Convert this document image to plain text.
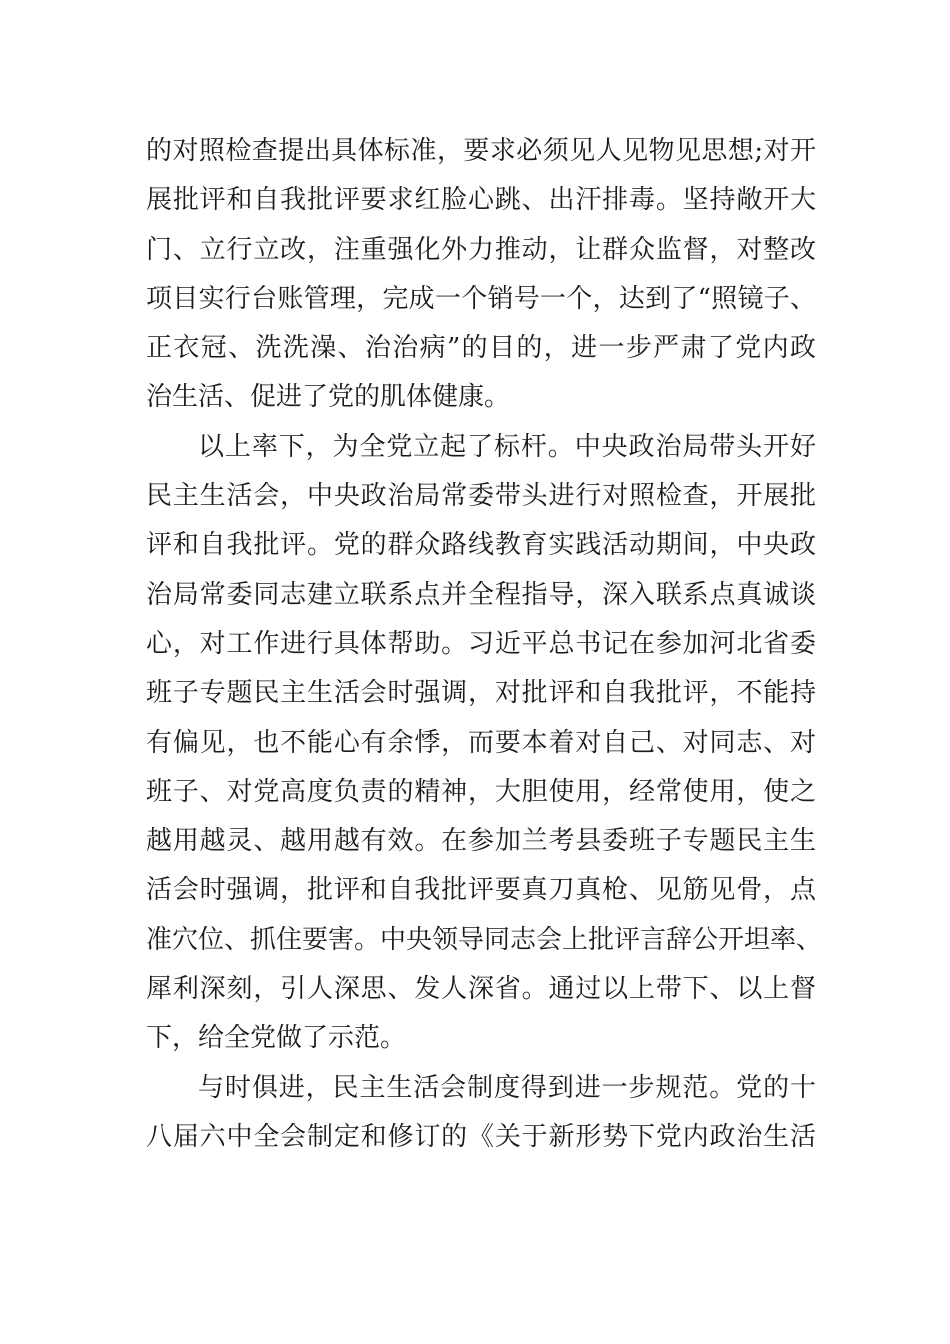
的对照检查提出具体标准，要求必须见人见物见思想;对开
展批评和自我批评要求红脸心跳、出汗排毒。坚持敞开大
门、立行立改，注重强化外力推动，让群众监督，对整改
项目实行台账管理，完成一个销号一个，达到了“照镜子、
正衣冠、洗洗澡、治治病”的目的，进一步严肃了党内政
治生活、促进了党的肌体健康。
以上率下，为全党立起了标杆。中央政治局带头开好
民主生活会，中央政治局常委带头进行对照检查，开展批
评和自我批评。党的群众路线教育实践活动期间，中央政
治局常委同志建立联系点并全程指导，深入联系点真诚谈
心，对工作进行具体帮助。习近平总书记在参加河北省委
班子专题民主生活会时强调，对批评和自我批评，不能持
有偏见，也不能心有余悸，而要本着对自己、对同志、对
班子、对党高度负责的精神，大胆使用，经常使用，使之
越用越灵、越用越有效。在参加兰考县委班子专题民主生
活会时强调，批评和自我批评要真刀真枪、见筋见骨，点
准穴位、抓住要害。中央领导同志会上批评言辞公开坦率、
犀利深刻，引人深思、发人深省。通过以上带下、以上督
下，给全党做了示范。
与时俱进，民主生活会制度得到进一步规范。党的十
八届六中全会制定和修订的《关于新形势下党内政治生活
